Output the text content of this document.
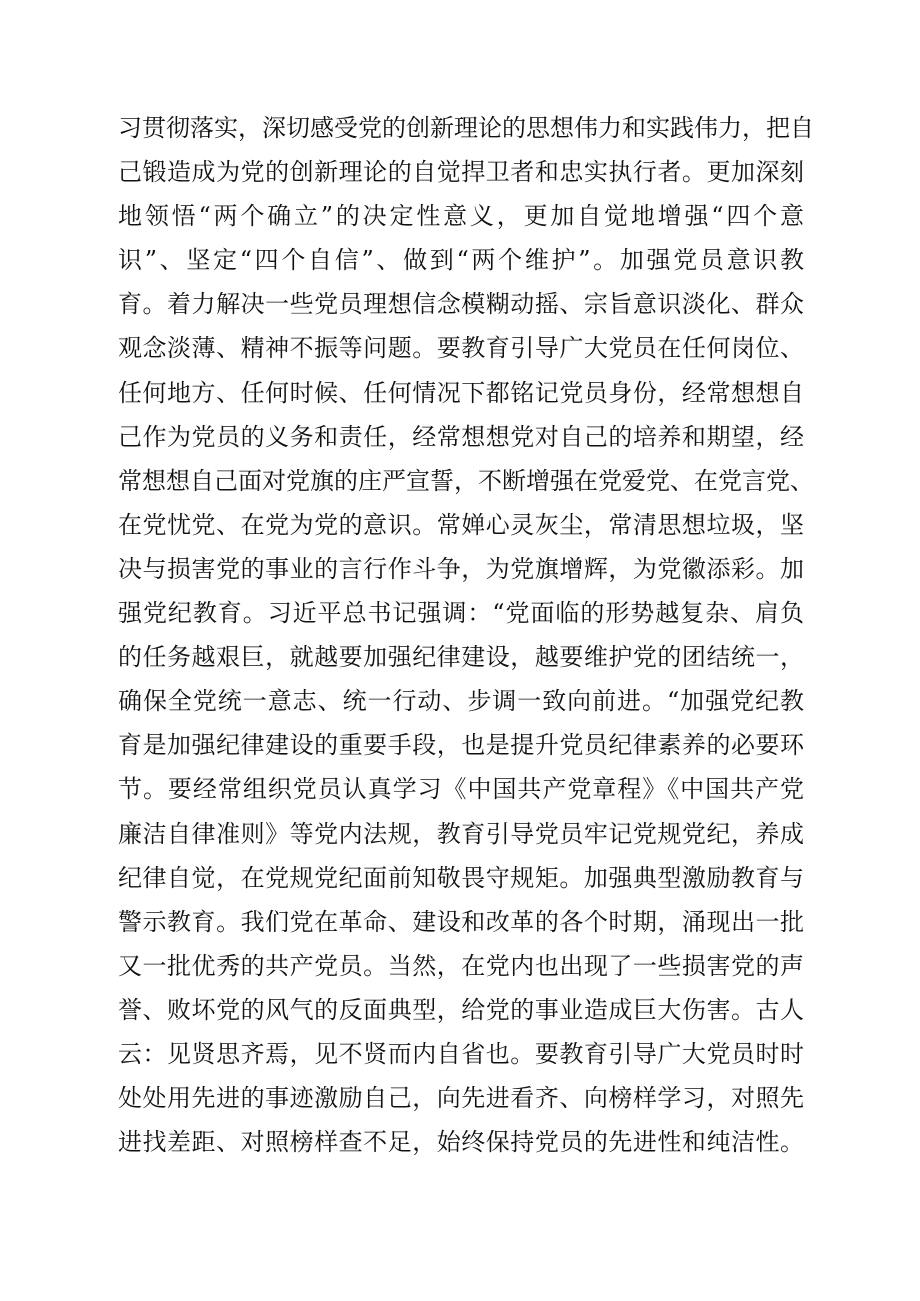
习贯彻落实，深切感受党的创新理论的思想伟力和实践伟力，把自
己锻造成为党的创新理论的自觉捍卫者和忠实执行者。更加深刻
地领悟“两个确立”的决定性意义，更加自觉地增强“四个意
识”、坚定“四个自信”、做到“两个维护”。加强党员意识教
育。着力解决一些党员理想信念模糊动摇、宗旨意识淡化、群众
观念淡薄、精神不振等问题。要教育引导广大党员在任何岗位、
任何地方、任何时候、任何情况下都铭记党员身份，经常想想自
己作为党员的义务和责任，经常想想党对自己的培养和期望，经
常想想自己面对党旗的庄严宣誓，不断增强在党爱党、在党言党、
在党忧党、在党为党的意识。常婵心灵灰尘，常清思想垃圾，坚
决与损害党的事业的言行作斗争，为党旗增辉，为党徽添彩。加
强党纪教育。习近平总书记强调：“党面临的形势越复杂、肩负
的任务越艰巨，就越要加强纪律建设，越要维护党的团结统一，
确保全党统一意志、统一行动、步调一致向前进。“加强党纪教
育是加强纪律建设的重要手段，也是提升党员纪律素养的必要环
节。要经常组织党员认真学习《中国共产党章程》《中国共产党
廉洁自律准则》等党内法规，教育引导党员牢记党规党纪，养成
纪律自觉，在党规党纪面前知敬畏守规矩。加强典型激励教育与
警示教育。我们党在革命、建设和改革的各个时期，涌现出一批
又一批优秀的共产党员。当然，在党内也出现了一些损害党的声
誉、败坏党的风气的反面典型，给党的事业造成巨大伤害。古人
云：见贤思齐焉，见不贤而内自省也。要教育引导广大党员时时
处处用先进的事迹激励自己，向先进看齐、向榜样学习，对照先
进找差距、对照榜样查不足，始终保持党员的先进性和纯洁性。
